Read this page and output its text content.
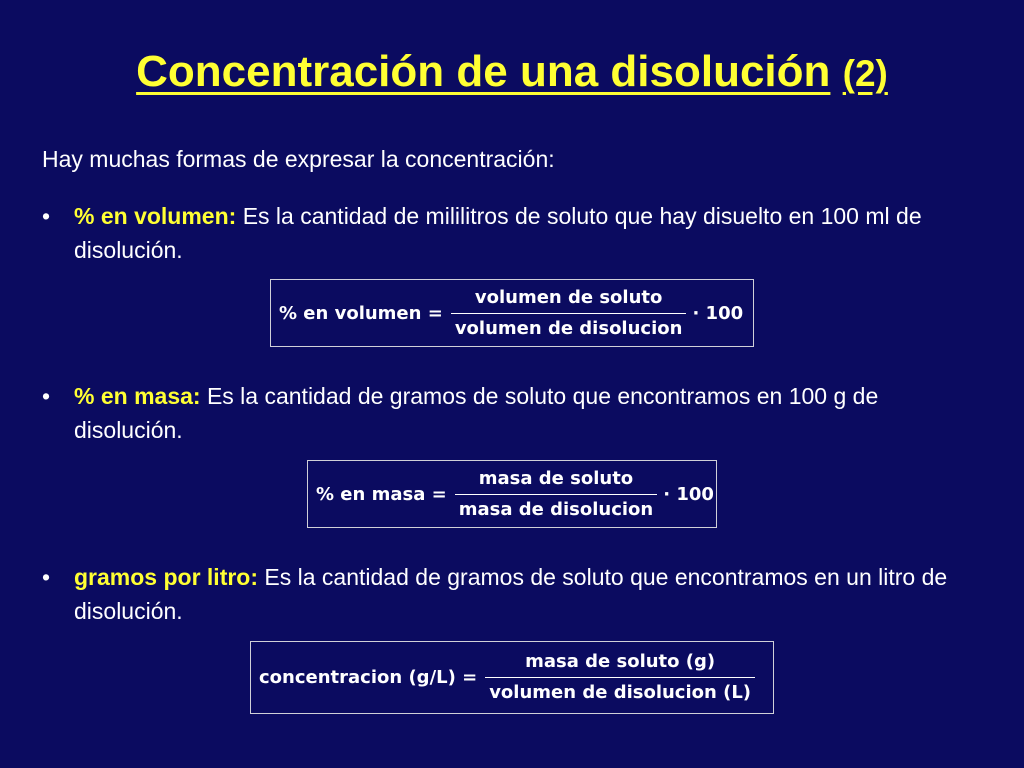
Concentración de una disolución (2)
Hay muchas formas de expresar la concentración:
• % en volumen: Es la cantidad de mililitros de soluto que hay disuelto en 100 ml de disolución.
% en volumen = $\frac{\text{volumen de soluto}}{\text{volumen de disolucion}} \cdot 100$
• % en masa: Es la cantidad de gramos de soluto que encontramos en 100 g de disolución.
% en masa = $\frac{\text{masa de soluto}}{\text{masa de disolucion}} \cdot 100$
• gramos por litro: Es la cantidad de gramos de soluto que encontramos en un litro de disolución.
concentracion $(g/L) = \frac{\text{masa de soluto (g)}}{\text{volumen de disolucion (L)}}$
